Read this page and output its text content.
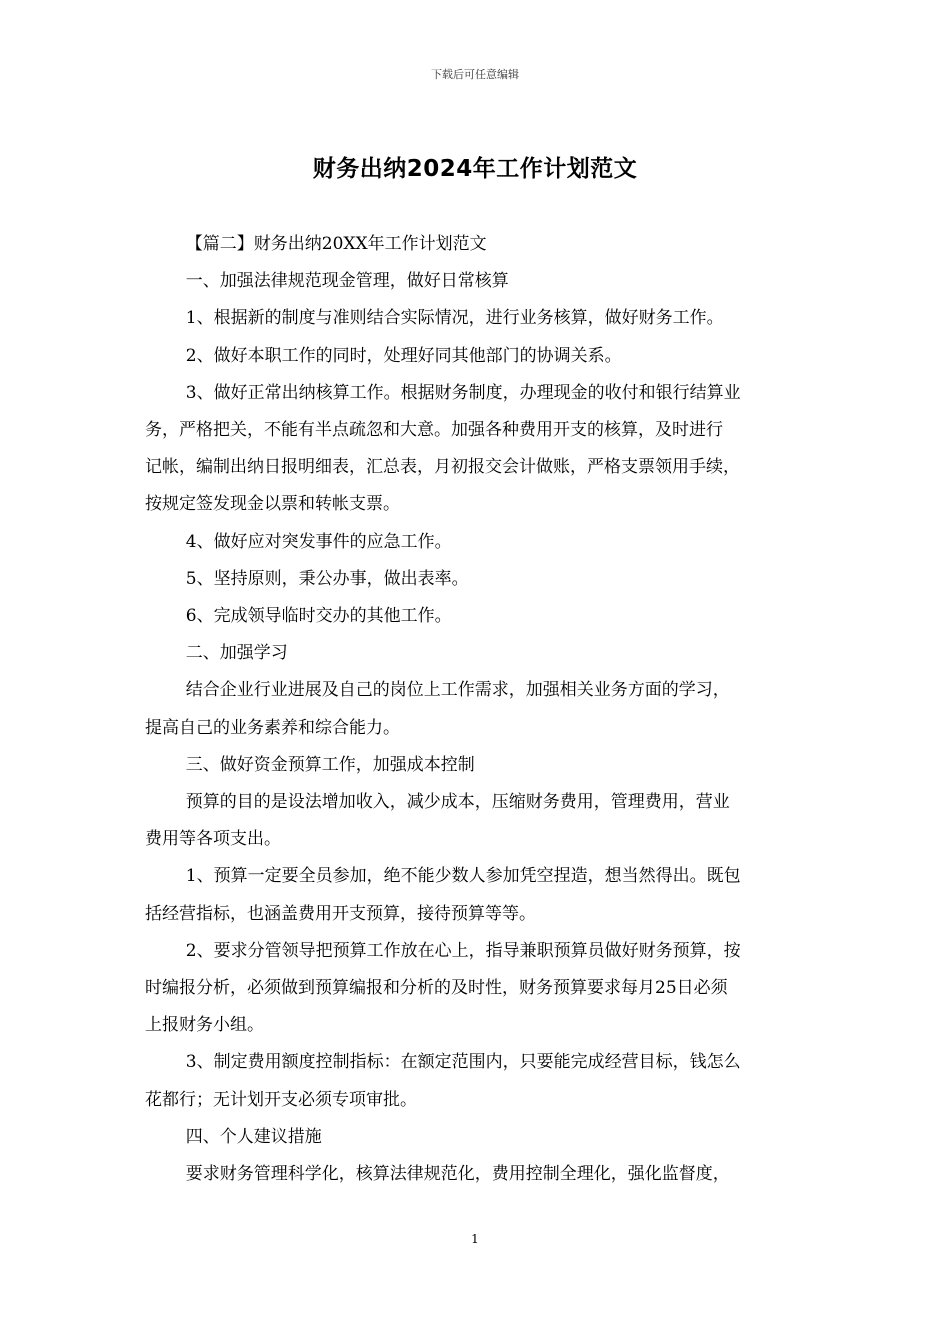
下载后可任意编辑
财务出纳2024年工作计划范文

【篇二】财务出纳20XX年工作计划范文

一、加强法律规范现金管理，做好日常核算

1、根据新的制度与准则结合实际情况，进行业务核算，做好财务工作。

2、做好本职工作的同时，处理好同其他部门的协调关系。

3、做好正常出纳核算工作。根据财务制度，办理现金的收付和银行结算业

务，严格把关，不能有半点疏忽和大意。加强各种费用开支的核算，及时进行

记帐，编制出纳日报明细表，汇总表，月初报交会计做账，严格支票领用手续，

按规定签发现金以票和转帐支票。

4、做好应对突发事件的应急工作。

5、坚持原则，秉公办事，做出表率。

6、完成领导临时交办的其他工作。

二、加强学习

结合企业行业进展及自己的岗位上工作需求，加强相关业务方面的学习，

提高自己的业务素养和综合能力。

三、做好资金预算工作，加强成本控制

预算的目的是设法增加收入，减少成本，压缩财务费用，管理费用，营业

费用等各项支出。

1、预算一定要全员参加，绝不能少数人参加凭空捏造，想当然得出。既包

括经营指标，也涵盖费用开支预算，接待预算等等。

2、要求分管领导把预算工作放在心上，指导兼职预算员做好财务预算，按

时编报分析，必须做到预算编报和分析的及时性，财务预算要求每月25日必须

上报财务小组。

3、制定费用额度控制指标：在额定范围内，只要能完成经营目标，钱怎么

花都行；无计划开支必须专项审批。

四、个人建议措施

要求财务管理科学化，核算法律规范化，费用控制全理化，强化监督度，

1
